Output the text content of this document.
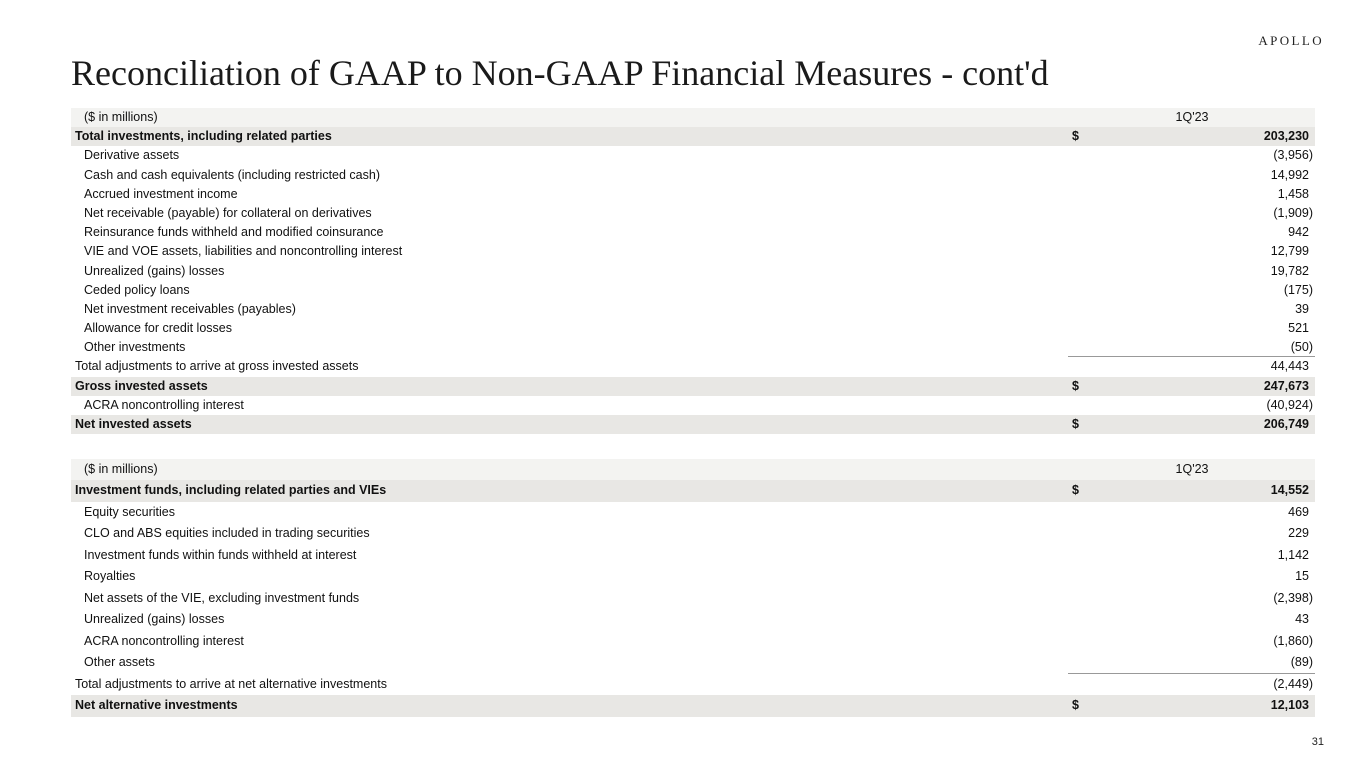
APOLLO
Reconciliation of GAAP to Non-GAAP Financial Measures - cont'd
($ in millions)	1Q'23
Total investments, including related parties	$	203,230
Derivative assets	(3,956)
Cash and cash equivalents (including restricted cash)	14,992
Accrued investment income	1,458
Net receivable (payable) for collateral on derivatives	(1,909)
Reinsurance funds withheld and modified coinsurance	942
VIE and VOE assets, liabilities and noncontrolling interest	12,799
Unrealized (gains) losses	19,782
Ceded policy loans	(175)
Net investment receivables (payables)	39
Allowance for credit losses	521
Other investments	(50)
Total adjustments to arrive at gross invested assets	44,443
Gross invested assets	$	247,673
ACRA noncontrolling interest	(40,924)
Net invested assets	$	206,749
($ in millions)	1Q'23
Investment funds, including related parties and VIEs	$	14,552
Equity securities	469
CLO and ABS equities included in trading securities	229
Investment funds within funds withheld at interest	1,142
Royalties	15
Net assets of the VIE, excluding investment funds	(2,398)
Unrealized (gains) losses	43
ACRA noncontrolling interest	(1,860)
Other assets	(89)
Total adjustments to arrive at net alternative investments	(2,449)
Net alternative investments	$	12,103
31
